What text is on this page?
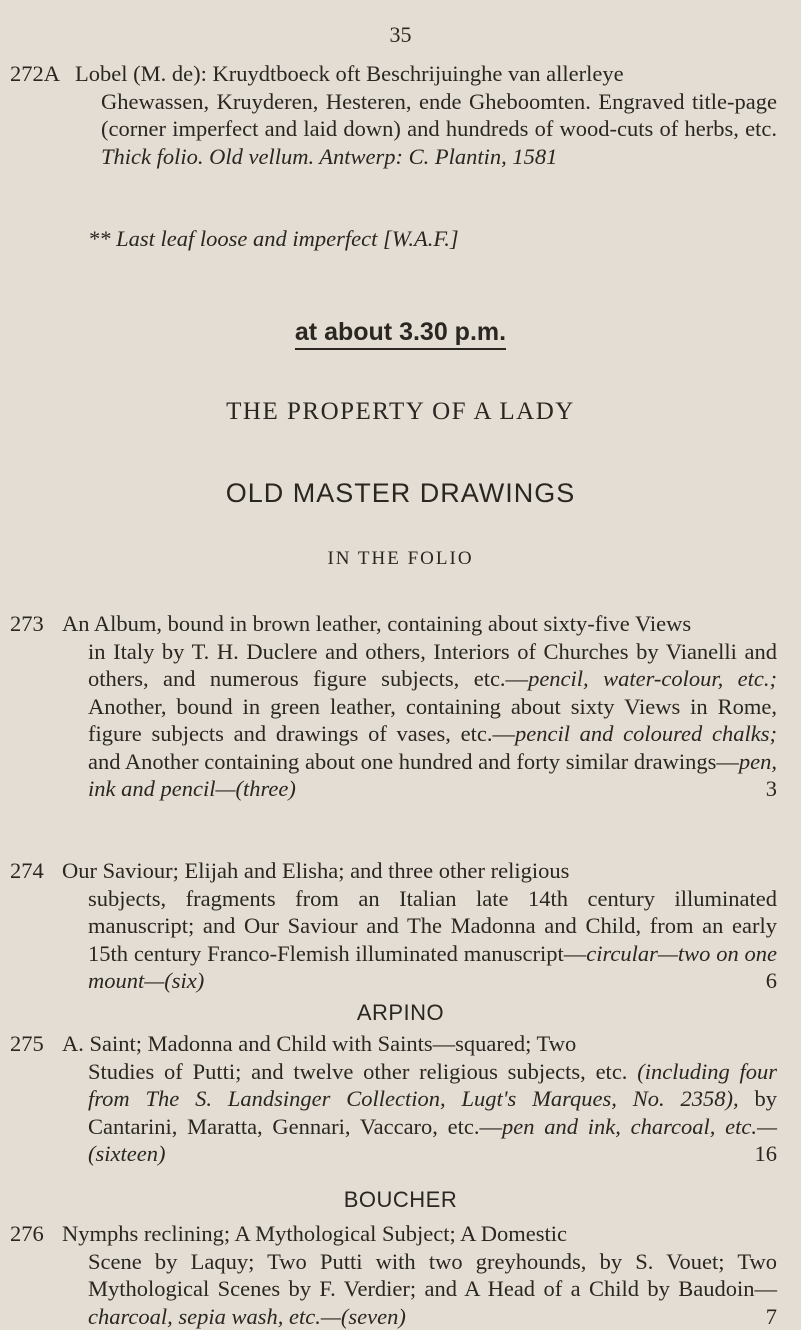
35
272A Lobel (M. de): Kruydtboeck oft Beschrijuinghe van allerleye
Ghewassen, Kruyderen, Hesteren, ende Gheboomten. Engraved title-page (corner imperfect and laid down) and hundreds of wood-cuts of herbs, etc. Thick folio. Old vellum. Antwerp: C. Plantin, 1581
** Last leaf loose and imperfect [W.A.F.]
at about 3.30 p.m.
THE PROPERTY OF A LADY
OLD MASTER DRAWINGS
IN THE FOLIO
273 An Album, bound in brown leather, containing about sixty-five Views
in Italy by T. H. Duclere and others, Interiors of Churches by Vianelli and others, and numerous figure subjects, etc.—pencil, water-colour, etc.; Another, bound in green leather, containing about sixty Views in Rome, figure subjects and drawings of vases, etc.—pencil and coloured chalks; and Another containing about one hundred and forty similar drawings—pen, ink and pencil—(three)	3
274 Our Saviour; Elijah and Elisha; and three other religious
subjects, fragments from an Italian late 14th century illuminated manuscript; and Our Saviour and The Madonna and Child, from an early 15th century Franco-Flemish illuminated manuscript—circular—two on one mount—(six)	6
ARPINO
275 A. Saint; Madonna and Child with Saints—squared; Two
Studies of Putti; and twelve other religious subjects, etc. (including four from The S. Landsinger Collection, Lugt's Marques, No. 2358), by Cantarini, Maratta, Gennari, Vaccaro, etc.—pen and ink, charcoal, etc.—(sixteen)	16
BOUCHER
276 Nymphs reclining; A Mythological Subject; A Domestic
Scene by Laquy; Two Putti with two greyhounds, by S. Vouet; Two Mythological Scenes by F. Verdier; and A Head of a Child by Baudoin—charcoal, sepia wash, etc.—(seven)	7
